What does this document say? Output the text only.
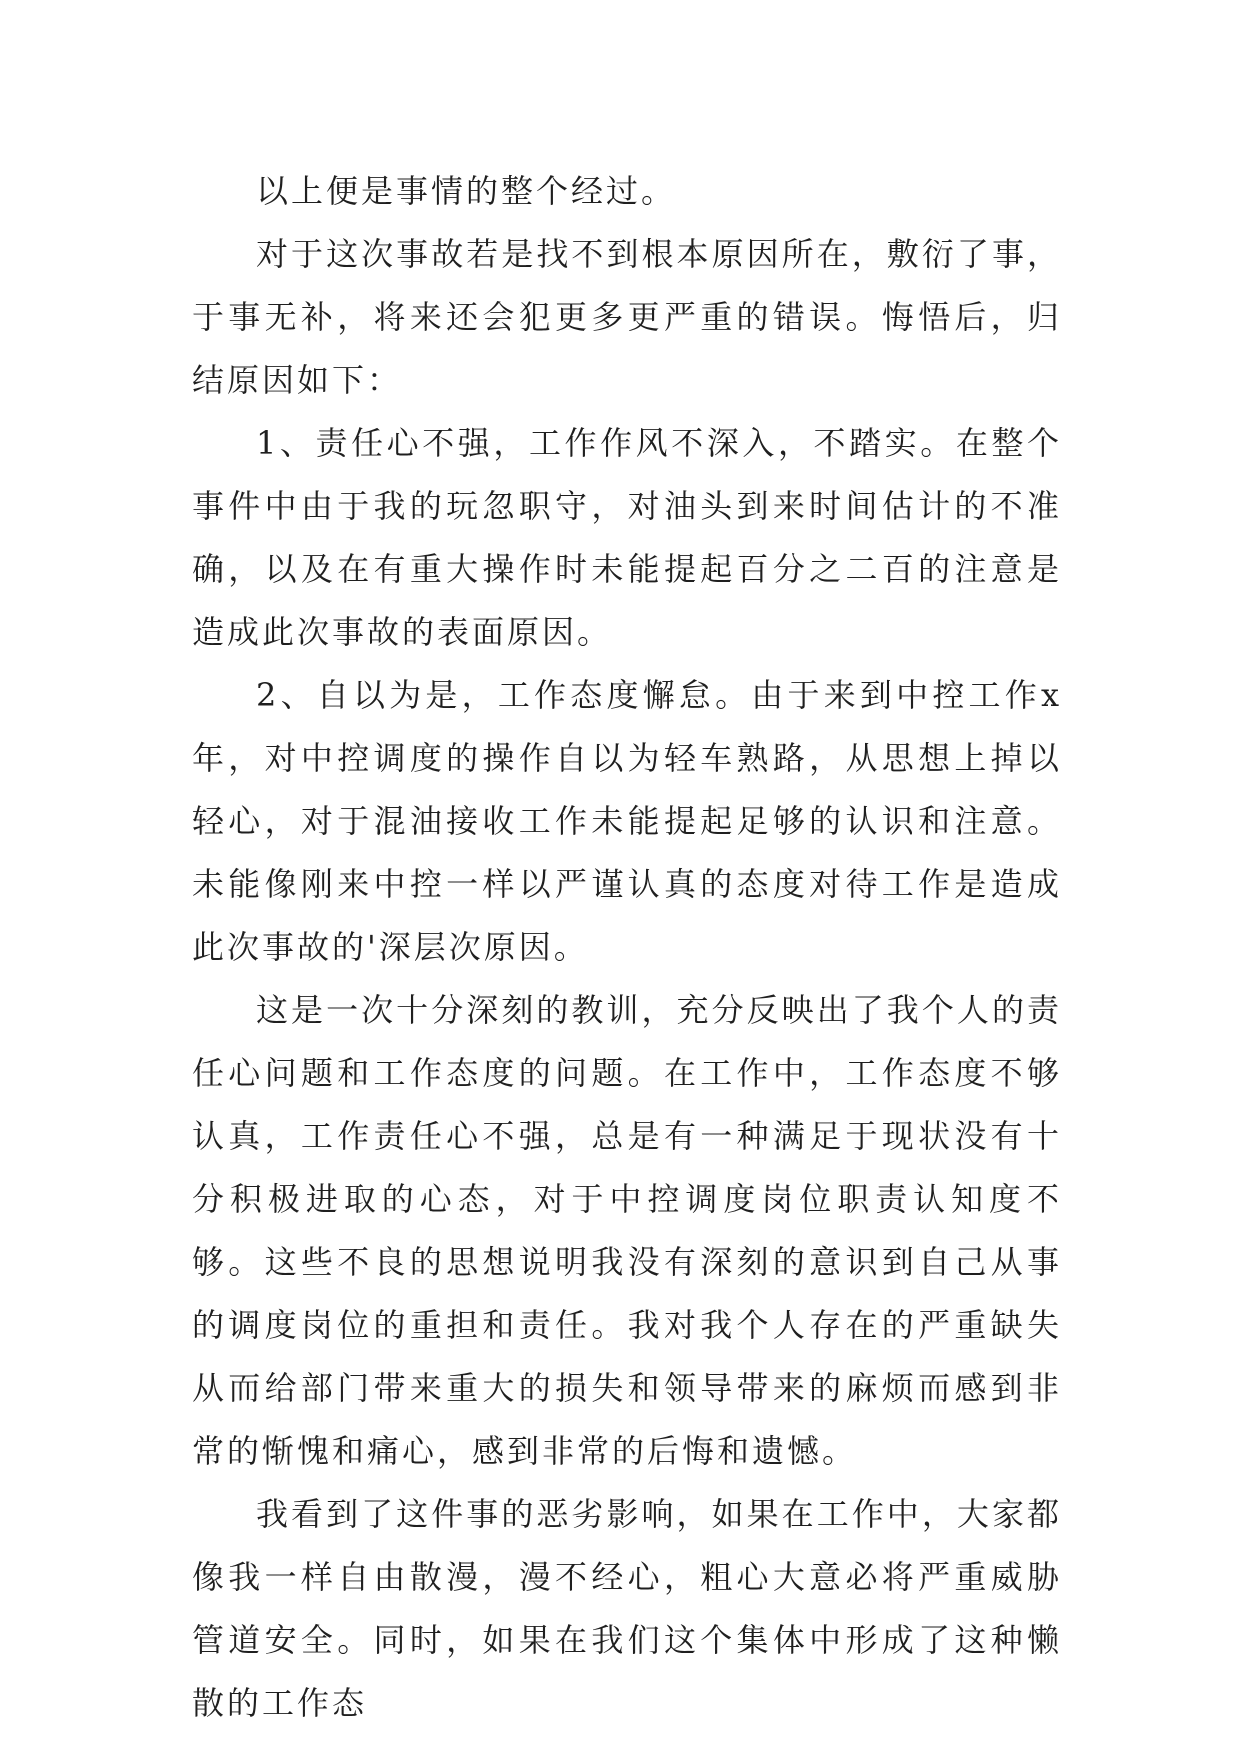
以上便是事情的整个经过。

对于这次事故若是找不到根本原因所在，敷衍了事，于事无补，将来还会犯更多更严重的错误。悔悟后，归结原因如下：

1、责任心不强，工作作风不深入，不踏实。在整个事件中由于我的玩忽职守，对油头到来时间估计的不准确，以及在有重大操作时未能提起百分之二百的注意是造成此次事故的表面原因。

2、自以为是，工作态度懈怠。由于来到中控工作x年，对中控调度的操作自以为轻车熟路，从思想上掉以轻心，对于混油接收工作未能提起足够的认识和注意。未能像刚来中控一样以严谨认真的态度对待工作是造成此次事故的'深层次原因。

这是一次十分深刻的教训，充分反映出了我个人的责任心问题和工作态度的问题。在工作中，工作态度不够认真，工作责任心不强，总是有一种满足于现状没有十分积极进取的心态，对于中控调度岗位职责认知度不够。这些不良的思想说明我没有深刻的意识到自己从事的调度岗位的重担和责任。我对我个人存在的严重缺失从而给部门带来重大的损失和领导带来的麻烦而感到非常的惭愧和痛心，感到非常的后悔和遗憾。

我看到了这件事的恶劣影响，如果在工作中，大家都像我一样自由散漫，漫不经心，粗心大意必将严重威胁管道安全。同时，如果在我们这个集体中形成了这种懒散的工作态
